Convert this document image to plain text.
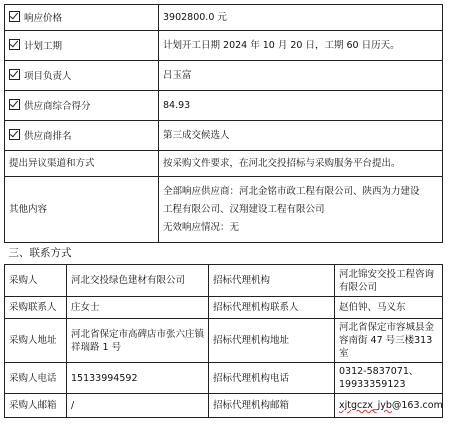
响应价格		3902800.0 元		
计划工期		计划开工日期 2024 年 10 月 20 日，工期 60 日历天。		
项目负责人		吕玉富		
供应商综合得分		84.93		
供应商排名		第三成交候选人		
提出异议渠道和方式		按采购文件要求，在河北交投招标与采购服务平台提出。		
其他内容		全部响应供应商：河北金铭市政工程有限公司、陕西为力建设
工程有限公司、汉翔建设工程有限公司
无效响应情况：无		

三、联系方式				
采购人	河北交投绿色建材有限公司		招标代理机构	河北锦安交投工程咨询有限公司
采购联系人	庄女士		招标代理机构联系人	赵伯钟、马义东
采购人地址	河北省保定市高碑店市张六庄镇祥瑞路 1 号		招标代理机构地址	河北省保定市容城县金容南街 47 号三楼313 室
采购人电话	15133994592		招标代理机构电话	0312-5837071、19933359123
采购人邮箱	/		招标代理机构邮箱	xjtgczx_jyb@163.com
